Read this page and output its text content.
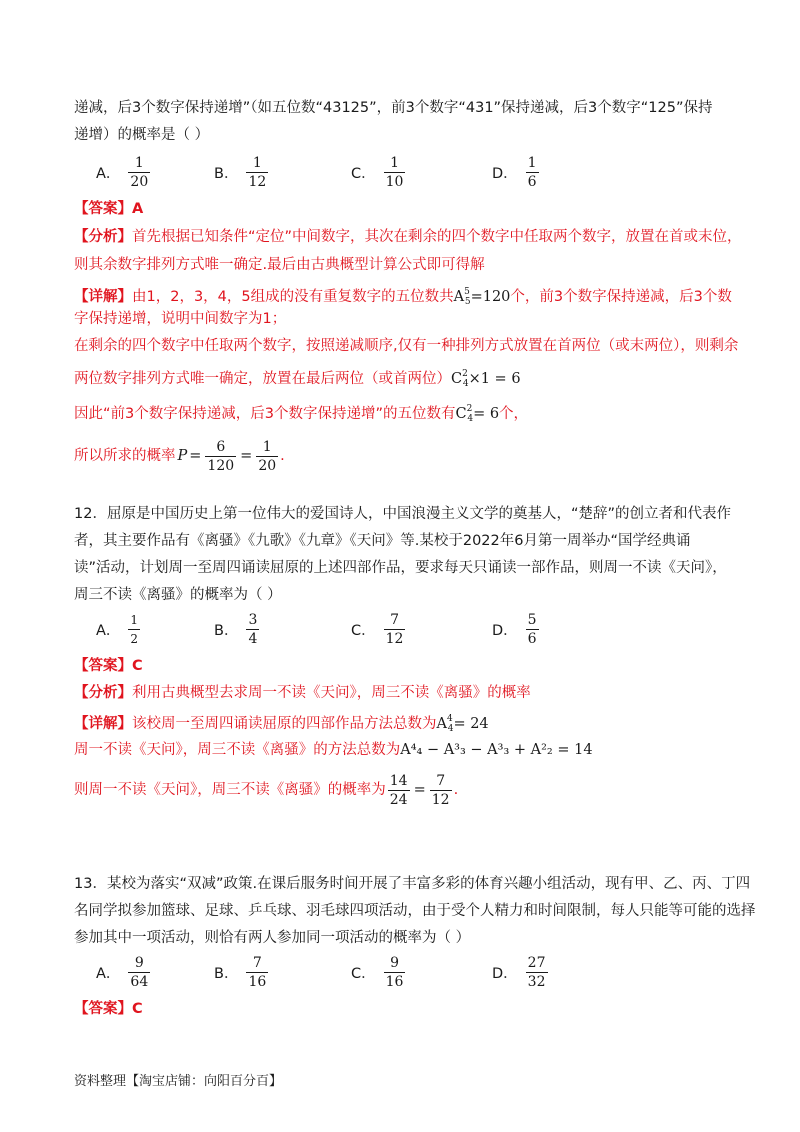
递减，后3个数字保持递增”（如五位数“43125”，前3个数字“431”保持递减，后3个数字“125”保持
递增）的概率是（ ）
A． $\frac{1}{20}$	B． $\frac{1}{12}$	C． $\frac{1}{10}$	D． $\frac{1}{6}$
【答案】A
【分析】首先根据已知条件“定位”中间数字，其次在剩余的四个数字中任取两个数字，放置在首或末位，
则其余数字排列方式唯一确定.最后由古典概型计算公式即可得解
【详解】由1，2，3，4，5组成的没有重复数字的五位数共$A^5_5=120$个，前3个数字保持递减，后3个数
字保持递增，说明中间数字为1；
在剩余的四个数字中任取两个数字，按照递减顺序,仅有一种排列方式放置在首两位（或末两位），则剩余
两位数字排列方式唯一确定，放置在最后两位（或首两位）$C^2_4\times 1 = 6$
因此“前3个数字保持递减，后3个数字保持递增”的五位数有$C^2_4= 6$个，
所以所求的概率 $P = \frac{6}{120} = \frac{1}{20}$ .
12．屈原是中国历史上第一位伟大的爱国诗人，中国浪漫主义文学的奠基人，“楚辞”的创立者和代表作
者，其主要作品有《离骚》《九歌》《九章》《天问》等.某校于2022年6月第一周举办“国学经典诵
读”活动，计划周一至周四诵读屈原的上述四部作品，要求每天只诵读一部作品，则周一不读《天问》，
周三不读《离骚》的概率为（ ）
A． $\frac{1}{2}$	B． $\frac{3}{4}$	C． $\frac{7}{12}$	D． $\frac{5}{6}$
【答案】C
【分析】利用古典概型去求周一不读《天问》，周三不读《离骚》的概率
【详解】该校周一至周四诵读屈原的四部作品方法总数为$A^4_4= 24$
周一不读《天问》，周三不读《离骚》的方法总数为A⁴₄ − A³₃ − A³₃ + A²₂ = 14
则周一不读《天问》，周三不读《离骚》的概率为 $\frac{14}{24} = \frac{7}{12}$ .
13．某校为落实“双减”政策.在课后服务时间开展了丰富多彩的体育兴趣小组活动，现有甲、乙、丙、丁四
名同学拟参加篮球、足球、乒乓球、羽毛球四项活动，由于受个人精力和时间限制，每人只能等可能的选择
参加其中一项活动，则恰有两人参加同一项活动的概率为（ ）
A． $\frac{9}{64}$	B． $\frac{7}{16}$	C． $\frac{9}{16}$	D． $\frac{27}{32}$
【答案】C
资料整理【淘宝店铺：向阳百分百】
